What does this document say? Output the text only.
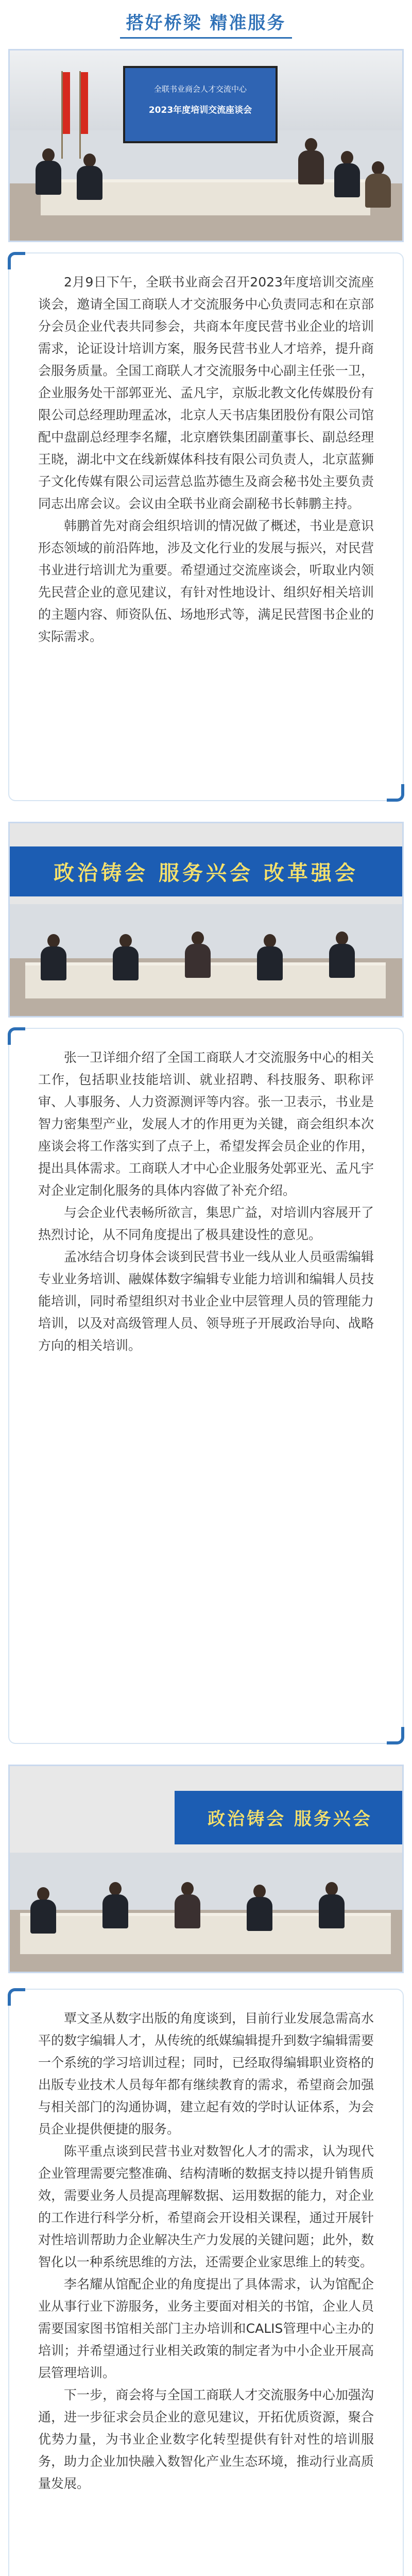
搭好桥梁 精准服务
全联书业商会人才交流中心
2023年度培训交流座谈会

2月9日下午，全联书业商会召开2023年度培训交流座谈会，邀请全国工商联人才交流服务中心负责同志和在京部分会员企业代表共同参会，共商本年度民营书业企业的培训需求，论证设计培训方案，服务民营书业人才培养，提升商会服务质量。全国工商联人才交流服务中心副主任张一卫，企业服务处干部郭亚光、孟凡宇，京版北教文化传媒股份有限公司总经理助理孟冰，北京人天书店集团股份有限公司馆配中盘副总经理李名耀，北京磨铁集团副董事长、副总经理王晓，湖北中文在线新媒体科技有限公司负责人，北京蓝狮子文化传媒有限公司运营总监苏德生及商会秘书处主要负责同志出席会议。会议由全联书业商会副秘书长韩鹏主持。

韩鹏首先对商会组织培训的情况做了概述，书业是意识形态领域的前沿阵地，涉及文化行业的发展与振兴，对民营书业进行培训尤为重要。希望通过交流座谈会，听取业内领先民营企业的意见建议，有针对性地设计、组织好相关培训的主题内容、师资队伍、场地形式等，满足民营图书企业的实际需求。

政治铸会 服务兴会 改革强会

张一卫详细介绍了全国工商联人才交流服务中心的相关工作，包括职业技能培训、就业招聘、科技服务、职称评审、人事服务、人力资源测评等内容。张一卫表示，书业是智力密集型产业，发展人才的作用更为关键，商会组织本次座谈会将工作落实到了点子上，希望发挥会员企业的作用，提出具体需求。工商联人才中心企业服务处郭亚光、孟凡宇对企业定制化服务的具体内容做了补充介绍。

与会企业代表畅所欲言，集思广益，对培训内容展开了热烈讨论，从不同角度提出了极具建设性的意见。

孟冰结合切身体会谈到民营书业一线从业人员亟需编辑专业业务培训、融媒体数字编辑专业能力培训和编辑人员技能培训，同时希望组织对书业企业中层管理人员的管理能力培训，以及对高级管理人员、领导班子开展政治导向、战略方向的相关培训。

政治铸会 服务兴会

覃文圣从数字出版的角度谈到，目前行业发展急需高水平的数字编辑人才，从传统的纸媒编辑提升到数字编辑需要一个系统的学习培训过程；同时，已经取得编辑职业资格的出版专业技术人员每年都有继续教育的需求，希望商会加强与相关部门的沟通协调，建立起有效的学时认证体系，为会员企业提供便捷的服务。

陈平重点谈到民营书业对数智化人才的需求，认为现代企业管理需要完整准确、结构清晰的数据支持以提升销售质效，需要业务人员提高理解数据、运用数据的能力，对企业的工作进行科学分析，希望商会开设相关课程，通过开展针对性培训帮助力企业解决生产力发展的关键问题；此外，数智化以一种系统思维的方法，还需要企业家思维上的转变。

李名耀从馆配企业的角度提出了具体需求，认为馆配企业从事行业下游服务，业务主要面对相关的书馆，企业人员需要国家图书馆相关部门主办培训和CALIS管理中心主办的培训；并希望通过行业相关政策的制定者为中小企业开展高层管理培训。

下一步，商会将与全国工商联人才交流服务中心加强沟通，进一步征求会员企业的意见建议，开拓优质资源，聚合优势力量，为书业企业数字化转型提供有针对性的培训服务，助力企业加快融入数智化产业生态环境，推动行业高质量发展。
